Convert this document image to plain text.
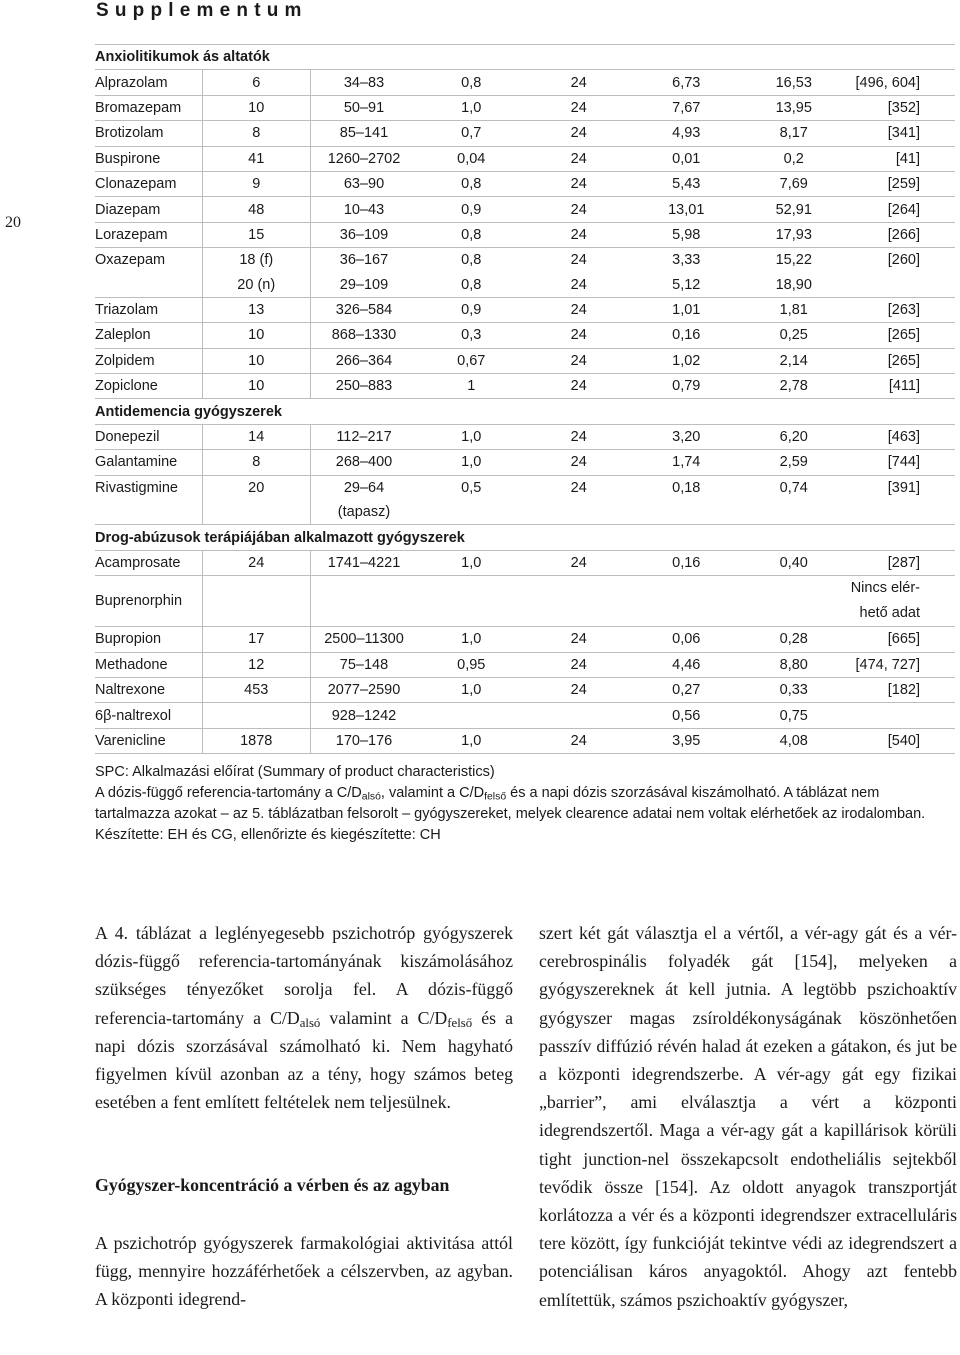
Supplementum
20
Anxiolitikumok ás altatók							
Alprazolam	6	34–83	0,8	24	6,73	16,53	[496, 604]
Bromazepam	10	50–91	1,0	24	7,67	13,95	[352]
Brotizolam	8	85–141	0,7	24	4,93	8,17	[341]
Buspirone	41	1260–2702	0,04	24	0,01	0,2	[41]
Clonazepam	9	63–90	0,8	24	5,43	7,69	[259]
Diazepam	48	10–43	0,9	24	13,01	52,91	[264]
Lorazepam	15	36–109	0,8	24	5,98	17,93	[266]
Oxazepam	18 (f)	36–167	0,8	24	3,33	15,22	[260]
	20 (n)	29–109	0,8	24	5,12	18,90	
Triazolam	13	326–584	0,9	24	1,01	1,81	[263]
Zaleplon	10	868–1330	0,3	24	0,16	0,25	[265]
Zolpidem	10	266–364	0,67	24	1,02	2,14	[265]
Zopiclone	10	250–883	1	24	0,79	2,78	[411]
Antidemencia gyógyszerek							
Donepezil	14	112–217	1,0	24	3,20	6,20	[463]
Galantamine	8	268–400	1,0	24	1,74	2,59	[744]
Rivastigmine	20	29–64	0,5	24	0,18	0,74	[391]
		(tapasz)					
Drog-abúzusok terápiájában alkalmazott gyógyszerek							
Acamprosate	24	1741–4221	1,0	24	0,16	0,40	[287]
Buprenorphin							Nincs elérhető adat
Bupropion	17	2500–11300	1,0	24	0,06	0,28	[665]
Methadone	12	75–148	0,95	24	4,46	8,80	[474, 727]
Naltrexone	453	2077–2590	1,0	24	0,27	0,33	[182]
6β-naltrexol		928–1242			0,56	0,75	
Varenicline	1878	170–176	1,0	24	3,95	4,08	[540]

SPC: Alkalmazási előírat (Summary of product characteristics)

A dózis-függő referencia-tartomány a $C/D_{alsó}$, valamint a $C/D_{felső}$ és a napi dózis szorzásával kiszámolható. A táblázat nem tartalmazza azokat – az 5. táblázatban felsorolt – gyógyszereket, melyek clearence adatai nem voltak elérhetőek az irodalomban.

Készítette: EH és CG, ellenőrizte és kiegészítette: CH

A 4. táblázat a leglényegesebb pszichotróp gyógyszerek dózis-függő referencia-tartományának kiszámolásához szükséges tényezőket sorolja fel. A dózis-függő referencia-tartomány a $C/D_{alsó}$ valamint a $C/D_{felső}$ és a napi dózis szorzásával számolható ki. Nem hagyható figyelmen kívül azonban az a tény, hogy számos beteg esetében a fent említett feltételek nem teljesülnek.

Gyógyszer-koncentráció a vérben és az agyban

A pszichotróp gyógyszerek farmakológiai aktivitása attól függ, mennyire hozzáférhetőek a célszervben, az agyban. A központi idegrend-

szert két gát választja el a vértől, a vér-agy gát és a vér-cerebrospinális folyadék gát [154], melyeken a gyógyszereknek át kell jutnia. A legtöbb pszichoaktív gyógyszer magas zsíroldékonyságának köszönhetően passzív diffúzió révén halad át ezeken a gátakon, és jut be a központi idegrendszerbe. A vér-agy gát egy fizikai „barrier”, ami elválasztja a vért a központi idegrendszertől. Maga a vér-agy gát a kapillárisok körüli tight junction-nel összekapcsolt endotheliális sejtekből tevődik össze [154]. Az oldott anyagok transzportját korlátozza a vér és a központi idegrendszer extracelluláris tere között, így funkcióját tekintve védi az idegrendszert a potenciálisan káros anyagoktól. Ahogy azt fentebb említettük, számos pszichoaktív gyógyszer,
